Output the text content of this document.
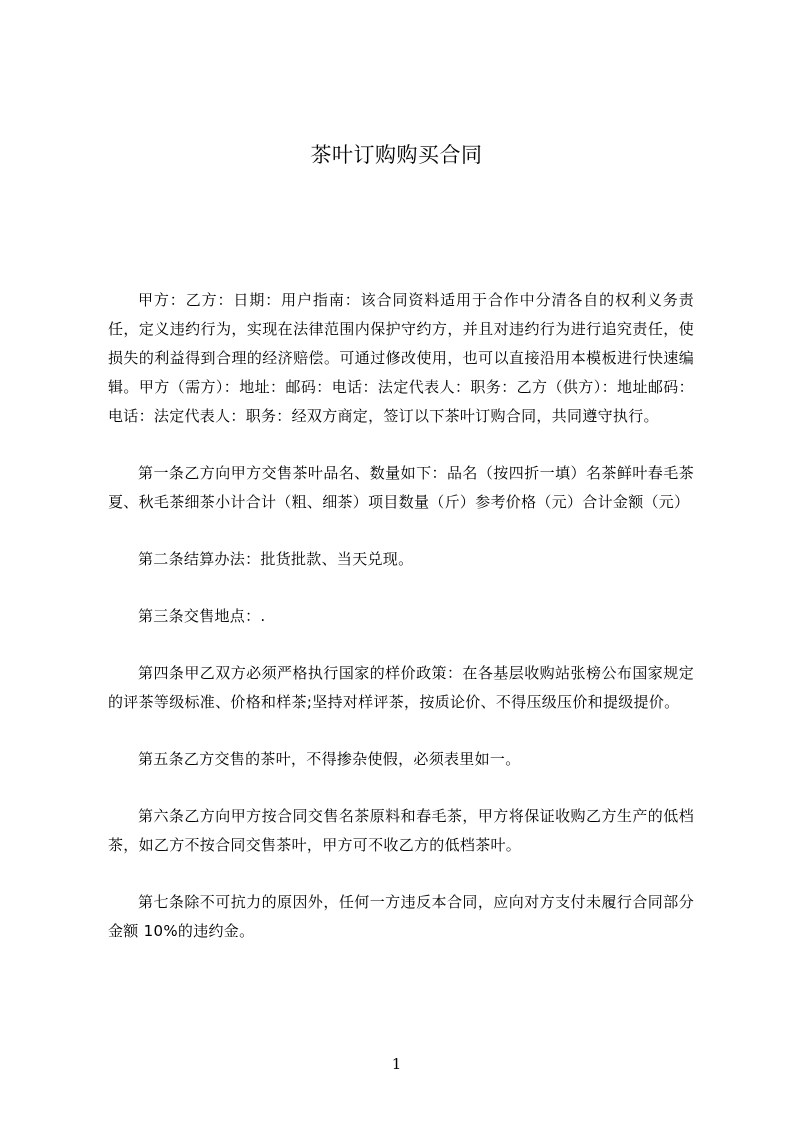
茶叶订购购买合同

甲方：乙方：日期：用户指南：该合同资料适用于合作中分清各自的权利义务责任，定义违约行为，实现在法律范围内保护守约方，并且对违约行为进行追究责任，使损失的利益得到合理的经济赔偿。可通过修改使用，也可以直接沿用本模板进行快速编辑。甲方（需方）：地址：邮码：电话：法定代表人：职务：乙方（供方）：地址邮码：电话：法定代表人：职务：经双方商定，签订以下茶叶订购合同，共同遵守执行。

第一条乙方向甲方交售茶叶品名、数量如下：品名（按四折一填）名茶鲜叶春毛茶夏、秋毛茶细茶小计合计（粗、细茶）项目数量（斤）参考价格（元）合计金额（元）

第二条结算办法：批货批款、当天兑现。

第三条交售地点：.

第四条甲乙双方必须严格执行国家的样价政策：在各基层收购站张榜公布国家规定的评茶等级标准、价格和样茶;坚持对样评茶，按质论价、不得压级压价和提级提价。

第五条乙方交售的茶叶，不得掺杂使假，必须表里如一。

第六条乙方向甲方按合同交售名茶原料和春毛茶，甲方将保证收购乙方生产的低档茶，如乙方不按合同交售茶叶，甲方可不收乙方的低档茶叶。

第七条除不可抗力的原因外，任何一方违反本合同，应向对方支付未履行合同部分金额 10%的违约金。

1
